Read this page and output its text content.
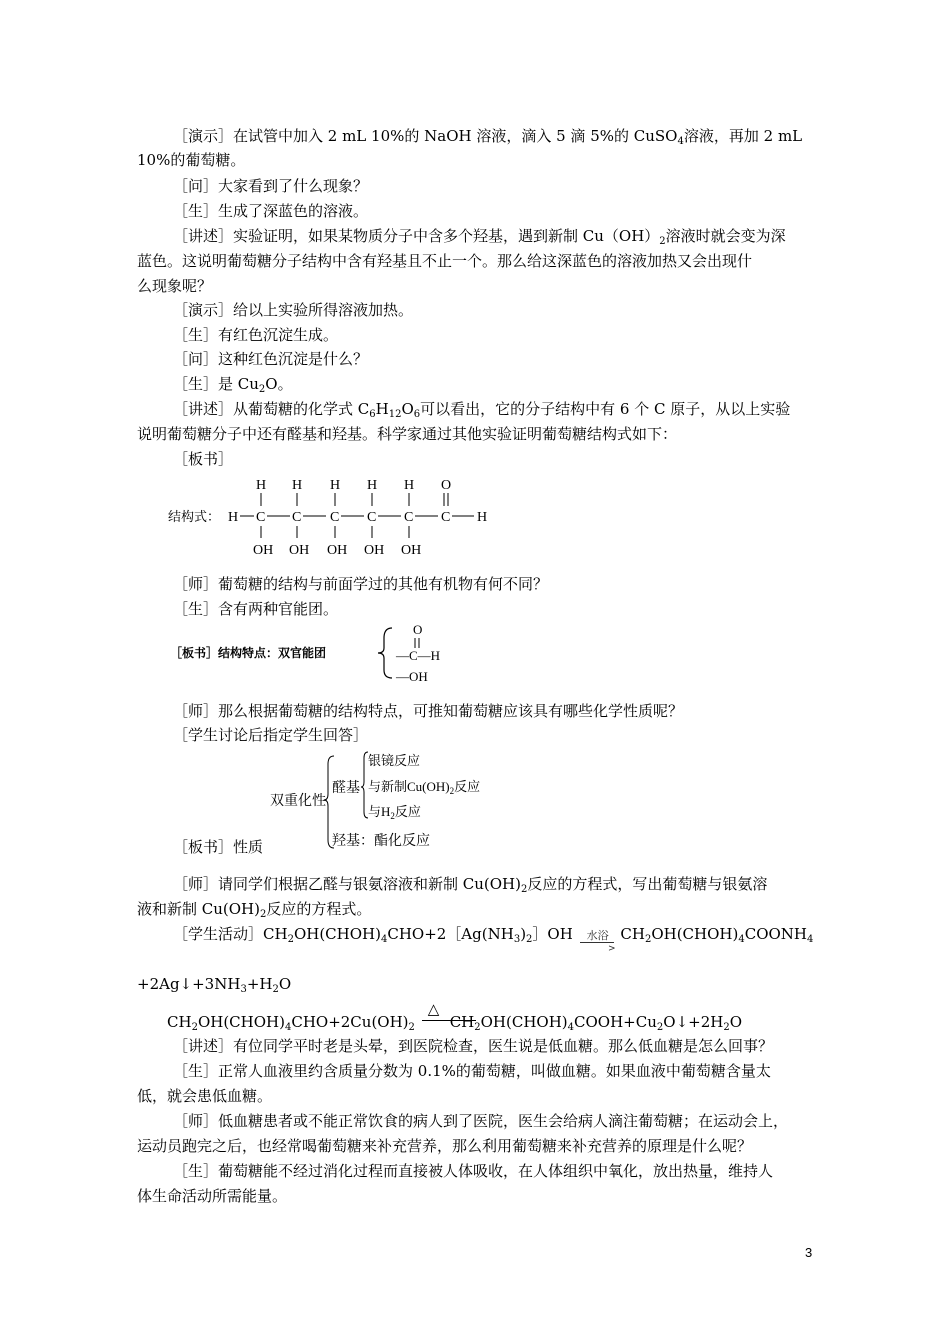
［演示］在试管中加入 2 mL 10%的 NaOH 溶液，滴入 5 滴 5%的 CuSO$_4$溶液，再加 2 mL
10%的葡萄糖。
［问］大家看到了什么现象？
［生］生成了深蓝色的溶液。
［讲述］实验证明，如果某物质分子中含多个羟基，遇到新制 $Cu(OH)_2$溶液时就会变为深
蓝色。这说明葡萄糖分子结构中含有羟基且不止一个。那么给这深蓝色的溶液加热又会出现什
么现象呢？
［演示］给以上实验所得溶液加热。
［生］有红色沉淀生成。
［问］这种红色沉淀是什么？
［生］是 $Cu_2O$。
［讲述］从葡萄糖的化学式 $C_6H_{12}O_6$可以看出，它的分子结构中有 6 个 C 原子，从以上实验
说明葡萄糖分子中还有醛基和羟基。科学家通过其他实验证明葡萄糖结构式如下：
［板书］
结构式： H C C C C C C H
H H H H H O
OH OH OH OH OH
［师］葡萄糖的结构与前面学过的其他有机物有何不同？
［生］含有两种官能团。
［板书］结构特点：双官能团
O
—C—H
—OH
［师］那么根据葡萄糖的结构特点，可推知葡萄糖应该具有哪些化学性质呢？
［学生讨论后指定学生回答］
双重化性
醛基
银镜反应
与新制$Cu(OH)_2$反应
与$H_2$反应
羟基：酯化反应
［板书］性质
［师］请同学们根据乙醛与银氨溶液和新制 $Cu(OH)_2$反应的方程式，写出葡萄糖与银氨溶
液和新制 $Cu(OH)_2$反应的方程式。
［学生活动$]CH_2OH(CHOH)_4CHO+2[Ag(NH_3)_2]OH$ 水浴
>
$CH_2OH(CHOH)_4COONH_4$
$+2Ag↓+3NH_3+H_2O$
$CH_2OH(CHOH)_4CHO+2Cu(OH)_2$
△
$CH_2OH(CHOH)_4COOH+Cu_2O↓+2H_2O$
［讲述］有位同学平时老是头晕，到医院检查，医生说是低血糖。那么低血糖是怎么回事？
［生］正常人血液里约含质量分数为 0.1%的葡萄糖，叫做血糖。如果血液中葡萄糖含量太
低，就会患低血糖。
［师］低血糖患者或不能正常饮食的病人到了医院，医生会给病人滴注葡萄糖；在运动会上，
运动员跑完之后，也经常喝葡萄糖来补充营养，那么利用葡萄糖来补充营养的原理是什么呢？
［生］葡萄糖能不经过消化过程而直接被人体吸收，在人体组织中氧化，放出热量，维持人
体生命活动所需能量。
3
